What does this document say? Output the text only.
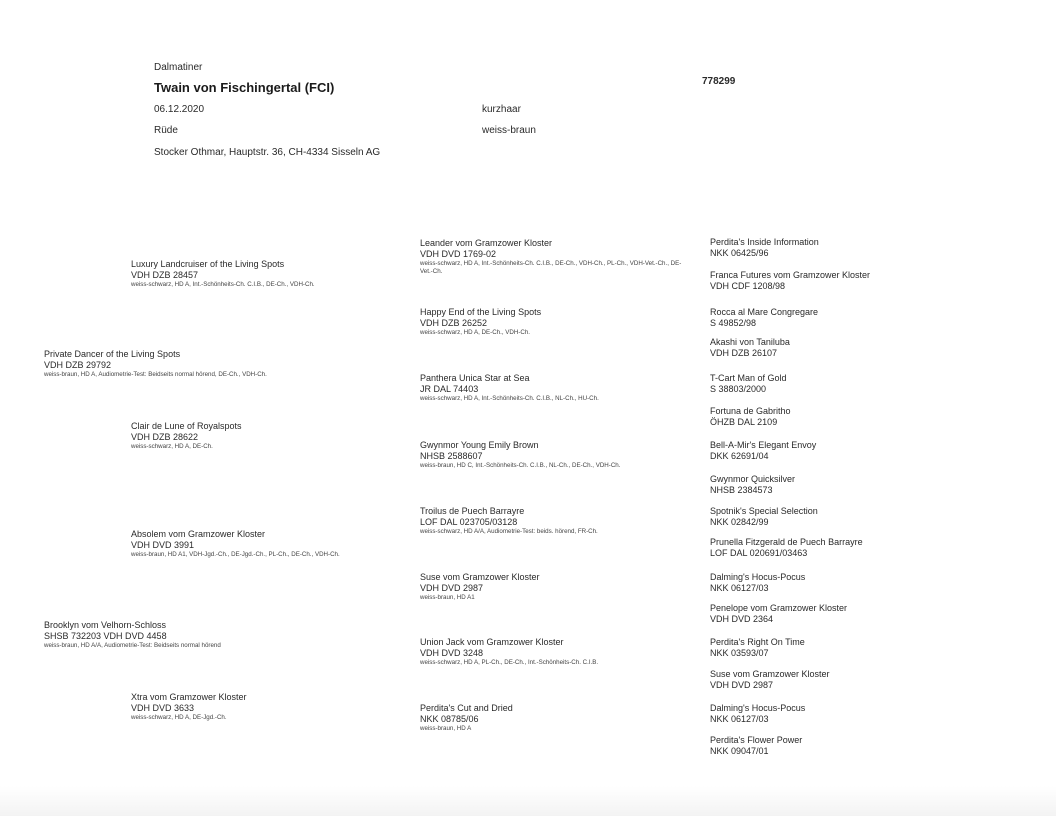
Dalmatiner
Twain von Fischingertal (FCI)	778299
06.12.2020	kurzhaar
Rüde	weiss-braun
Stocker Othmar, Hauptstr. 36, CH-4334 Sisseln AG
Private Dancer of the Living Spots
VDH DZB 29792
weiss-braun, HD A, Audiometrie-Test: Beidseits normal hörend, DE-Ch., VDH-Ch.
Brooklyn vom Velhorn-Schloss
SHSB 732203 VDH DVD 4458
weiss-braun, HD A/A, Audiometrie-Test: Beidseits normal hörend
Luxury Landcruiser of the Living Spots
VDH DZB 28457
weiss-schwarz, HD A, Int.-Schönheits-Ch. C.I.B., DE-Ch., VDH-Ch.
Clair de Lune of Royalspots
VDH DZB 28622
weiss-schwarz, HD A, DE-Ch.
Absolem vom Gramzower Kloster
VDH DVD 3991
weiss-braun, HD A1, VDH-Jgd.-Ch., DE-Jgd.-Ch., PL-Ch., DE-Ch., VDH-Ch.
Xtra vom Gramzower Kloster
VDH DVD 3633
weiss-schwarz, HD A, DE-Jgd.-Ch.
Leander vom Gramzower Kloster
VDH DVD 1769-02
weiss-schwarz, HD A, Int.-Schönheits-Ch. C.I.B., DE-Ch., VDH-Ch., PL-Ch., VDH-Vet.-Ch., DE-Vet.-Ch.
Happy End of the Living Spots
VDH DZB 26252
weiss-schwarz, HD A, DE-Ch., VDH-Ch.
Panthera Unica Star at Sea
JR DAL 74403
weiss-schwarz, HD A, Int.-Schönheits-Ch. C.I.B., NL-Ch., HU-Ch.
Gwynmor Young Emily Brown
NHSB 2588607
weiss-braun, HD C, Int.-Schönheits-Ch. C.I.B., NL-Ch., DE-Ch., VDH-Ch.
Troilus de Puech Barrayre
LOF DAL 023705/03128
weiss-schwarz, HD A/A, Audiometrie-Test: beids. hörend, FR-Ch.
Suse vom Gramzower Kloster
VDH DVD 2987
weiss-braun, HD A1
Union Jack vom Gramzower Kloster
VDH DVD 3248
weiss-schwarz, HD A, PL-Ch., DE-Ch., Int.-Schönheits-Ch. C.I.B.
Perdita's Cut and Dried
NKK 08785/06
weiss-braun, HD A
Perdita's Inside Information
NKK 06425/96
Franca Futures vom Gramzower Kloster
VDH CDF 1208/98
Rocca al Mare Congregare
S 49852/98
Akashi von Taniluba
VDH DZB 26107
T-Cart Man of Gold
S 38803/2000
Fortuna de Gabritho
ÖHZB DAL 2109
Bell-A-Mir's Elegant Envoy
DKK 62691/04
Gwynmor Quicksilver
NHSB 2384573
Spotnik's Special Selection
NKK 02842/99
Prunella Fitzgerald de Puech Barrayre
LOF DAL 020691/03463
Dalming's Hocus-Pocus
NKK 06127/03
Penelope vom Gramzower Kloster
VDH DVD 2364
Perdita's Right On Time
NKK 03593/07
Suse vom Gramzower Kloster
VDH DVD 2987
Dalming's Hocus-Pocus
NKK 06127/03
Perdita's Flower Power
NKK 09047/01
